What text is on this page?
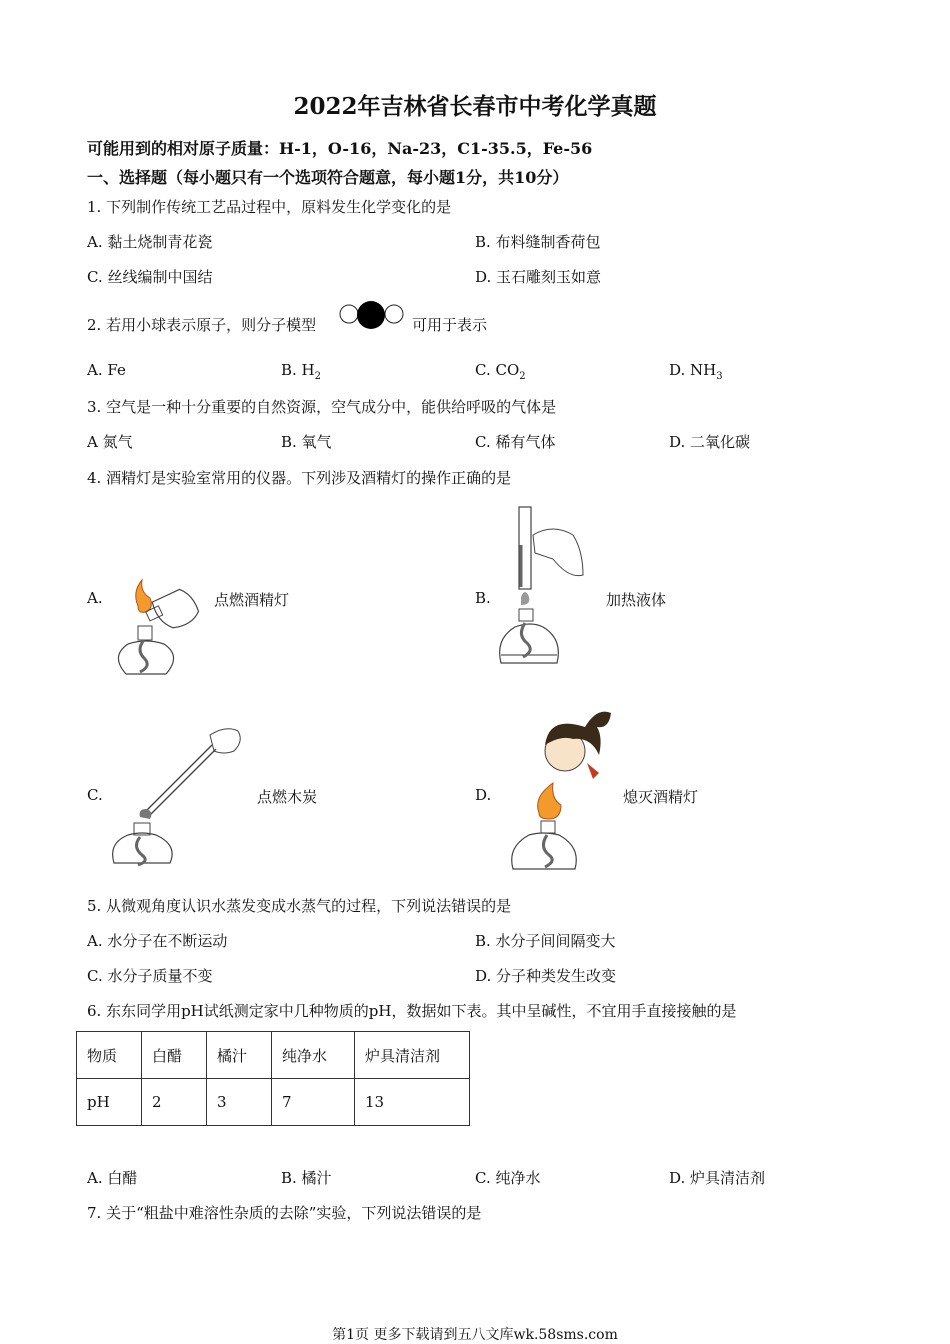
2022年吉林省长春市中考化学真题
可能用到的相对原子质量：H-1，O-16，Na-23，C1-35.5，Fe-56
一、选择题（每小题只有一个选项符合题意，每小题1分，共10分）
1. 下列制作传统工艺品过程中，原料发生化学变化的是
A. 黏土烧制青花瓷	B. 布料缝制香荷包
C. 丝线编制中国结	D. 玉石雕刻玉如意
2. 若用小球表示原子，则分子模型	可用于表示
A. Fe	B. $H_2$	C. $CO_2$	D. $NH_3$
3. 空气是一种十分重要的自然资源，空气成分中，能供给呼吸的气体是
A 氮气	B. 氧气	C. 稀有气体	D. 二氧化碳
4. 酒精灯是实验室常用的仪器。下列涉及酒精灯的操作正确的是
A.	点燃酒精灯	B.	加热液体
C.	点燃木炭	D.	熄灭酒精灯
5. 从微观角度认识水蒸发变成水蒸气的过程，下列说法错误的是
A. 水分子在不断运动	B. 水分子间间隔变大
C. 水分子质量不变	D. 分子种类发生改变
6. 东东同学用pH试纸测定家中几种物质的pH，数据如下表。其中呈碱性，不宜用手直接接触的是
物质	白醋	橘汁	纯净水	炉具清洁剂
pH	2	3	7	13
A. 白醋	B. 橘汁	C. 纯净水	D. 炉具清洁剂
7. 关于“粗盐中难溶性杂质的去除”实验，下列说法错误的是
第1页 更多下载请到五八文库wk.58sms.com
